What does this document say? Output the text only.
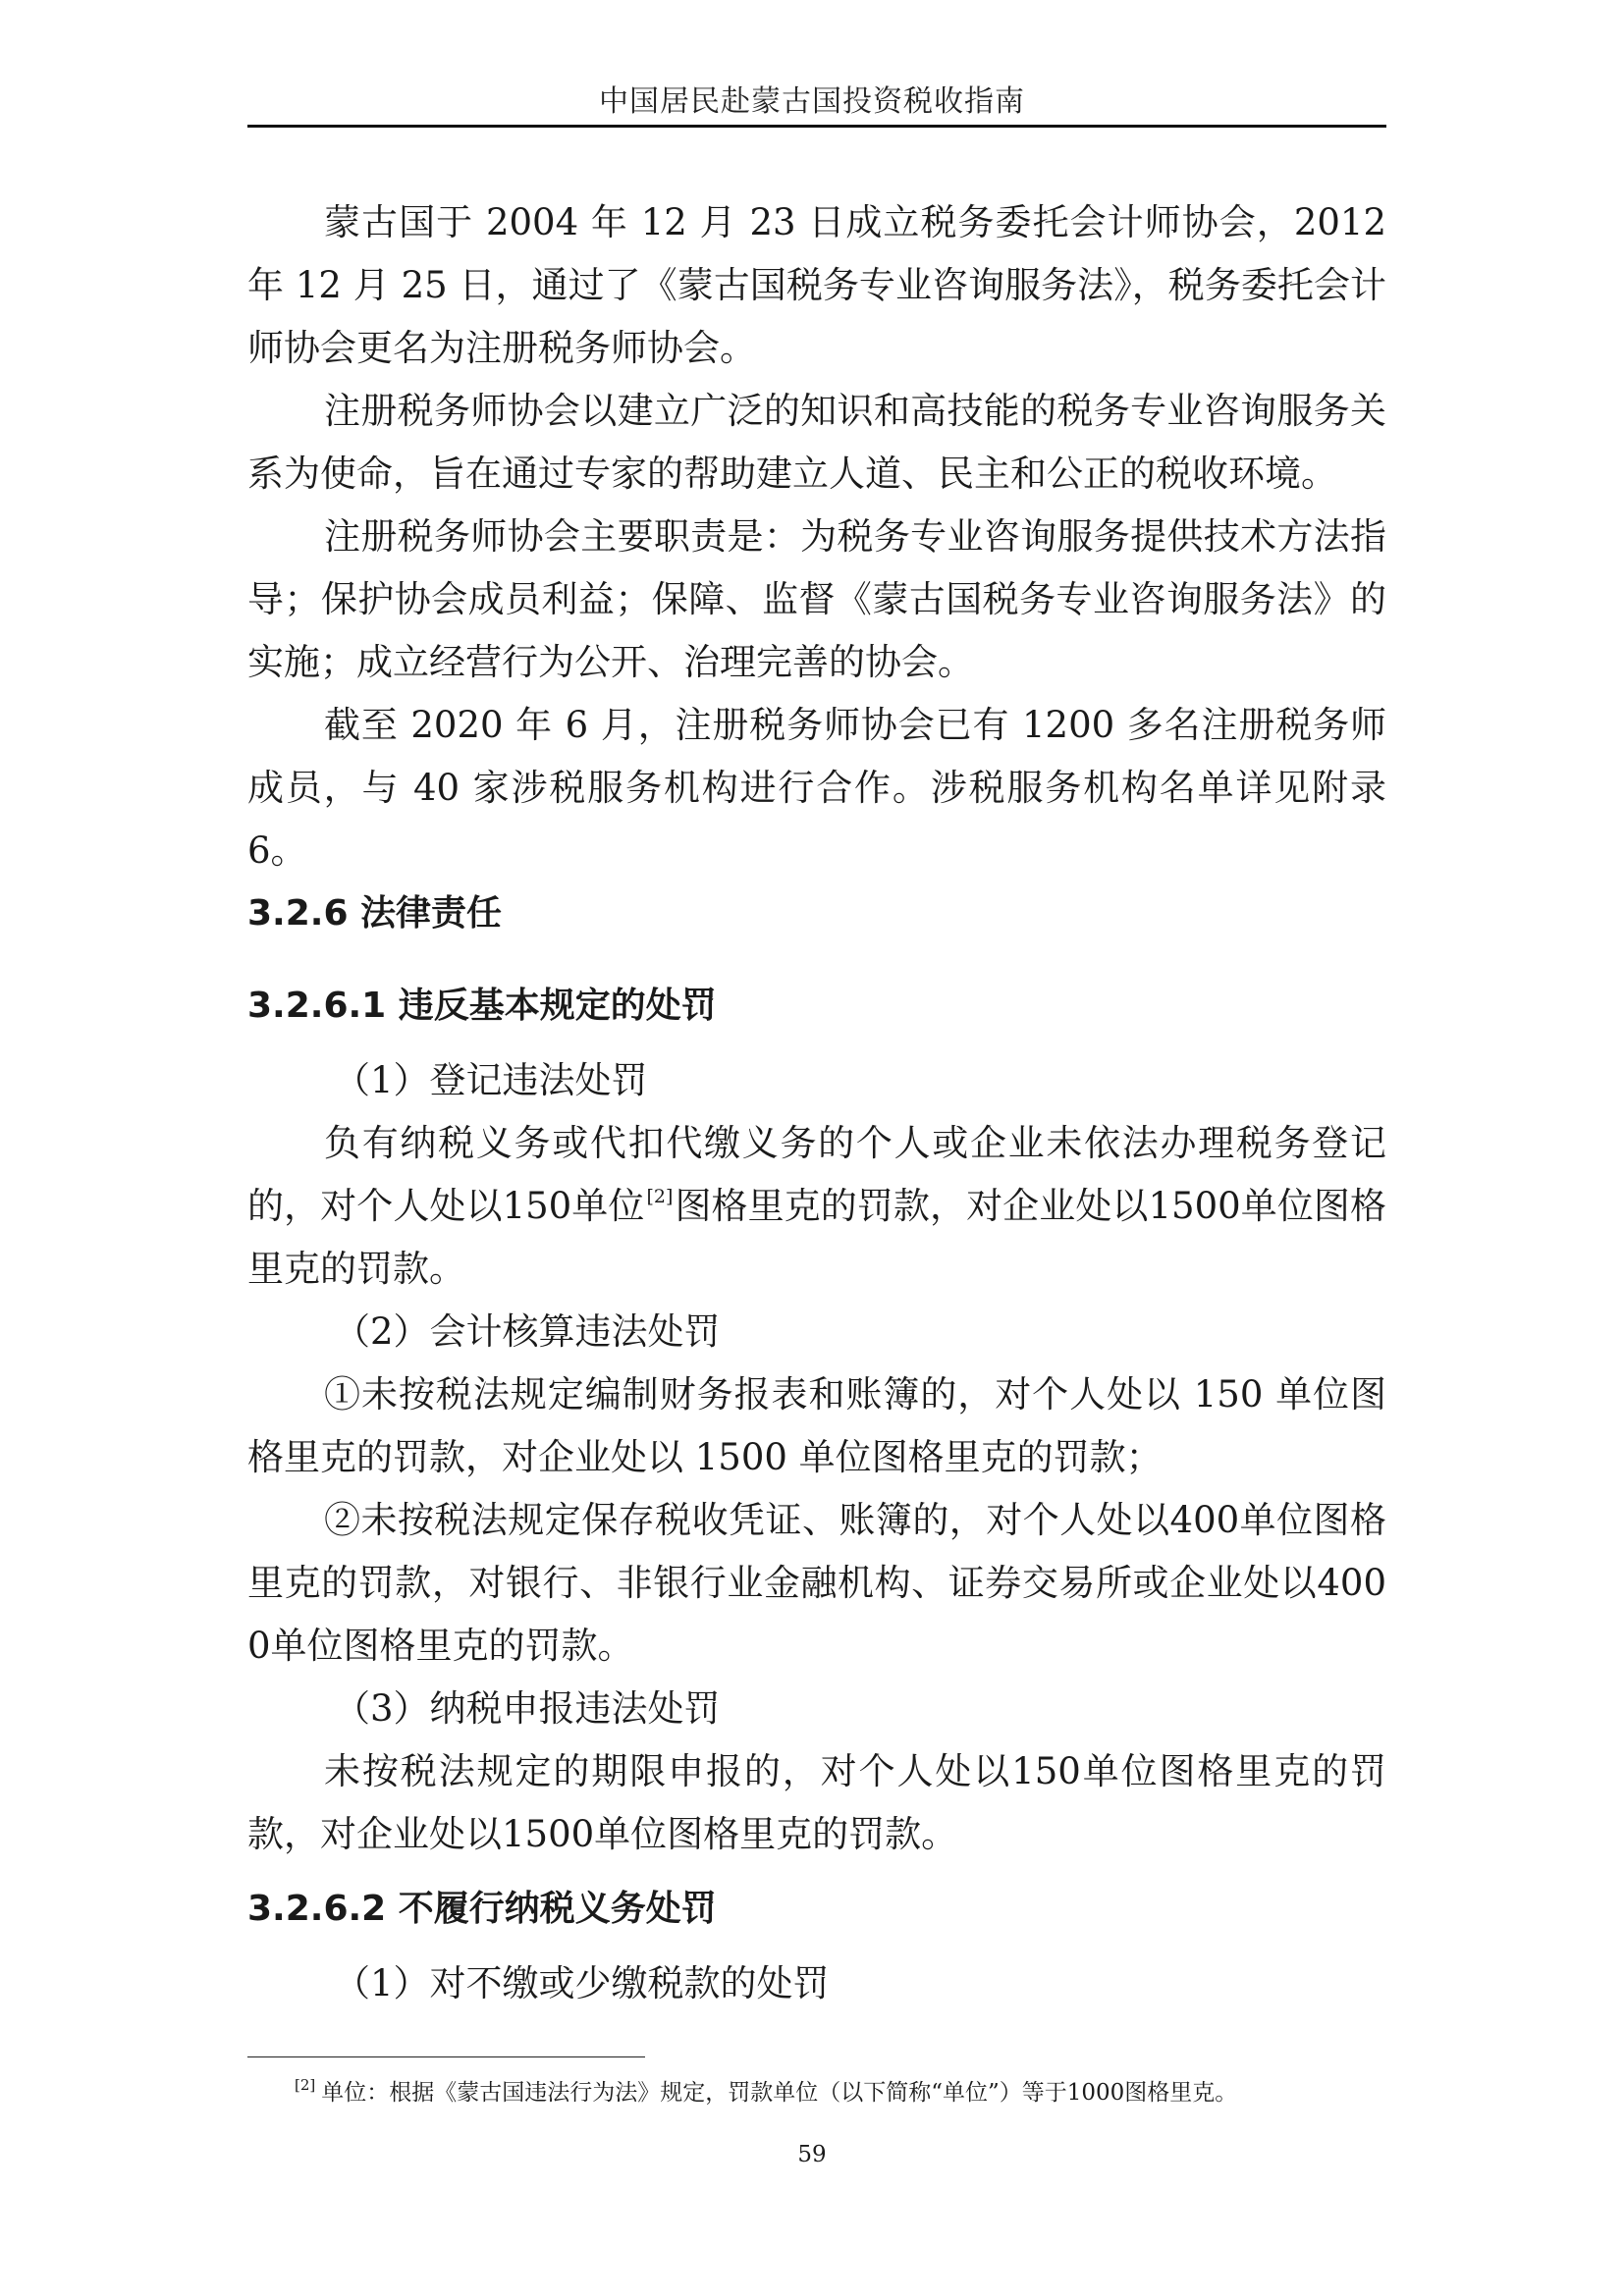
中国居民赴蒙古国投资税收指南

蒙古国于 2004 年 12 月 23 日成立税务委托会计师协会，2012 年 12 月 25 日，通过了《蒙古国税务专业咨询服务法》，税务委托会计师协会更名为注册税务师协会。

注册税务师协会以建立广泛的知识和高技能的税务专业咨询服务关系为使命，旨在通过专家的帮助建立人道、民主和公正的税收环境。

注册税务师协会主要职责是：为税务专业咨询服务提供技术方法指导；保护协会成员利益；保障、监督《蒙古国税务专业咨询服务法》的实施；成立经营行为公开、治理完善的协会。

截至 2020 年 6 月，注册税务师协会已有 1200 多名注册税务师成员，与 40 家涉税服务机构进行合作。涉税服务机构名单详见附录 6。

3.2.6 法律责任
3.2.6.1 违反基本规定的处罚

（1）登记违法处罚

负有纳税义务或代扣代缴义务的个人或企业未依法办理税务登记的，对个人处以150单位 [2]图格里克的罚款，对企业处以1500单位图格里克的罚款。

（2）会计核算违法处罚

①未按税法规定编制财务报表和账簿的，对个人处以 150 单位图格里克的罚款，对企业处以 1500 单位图格里克的罚款；

②未按税法规定保存税收凭证、账簿的，对个人处以400单位图格里克的罚款，对银行、非银行业金融机构、证券交易所或企业处以4000单位图格里克的罚款。

（3）纳税申报违法处罚

未按税法规定的期限申报的，对个人处以150单位图格里克的罚款，对企业处以1500单位图格里克的罚款。

3.2.6.2 不履行纳税义务处罚

（1）对不缴或少缴税款的处罚

[2] 单位：根据《蒙古国违法行为法》规定，罚款单位（以下简称“单位”）等于1000图格里克。
59
